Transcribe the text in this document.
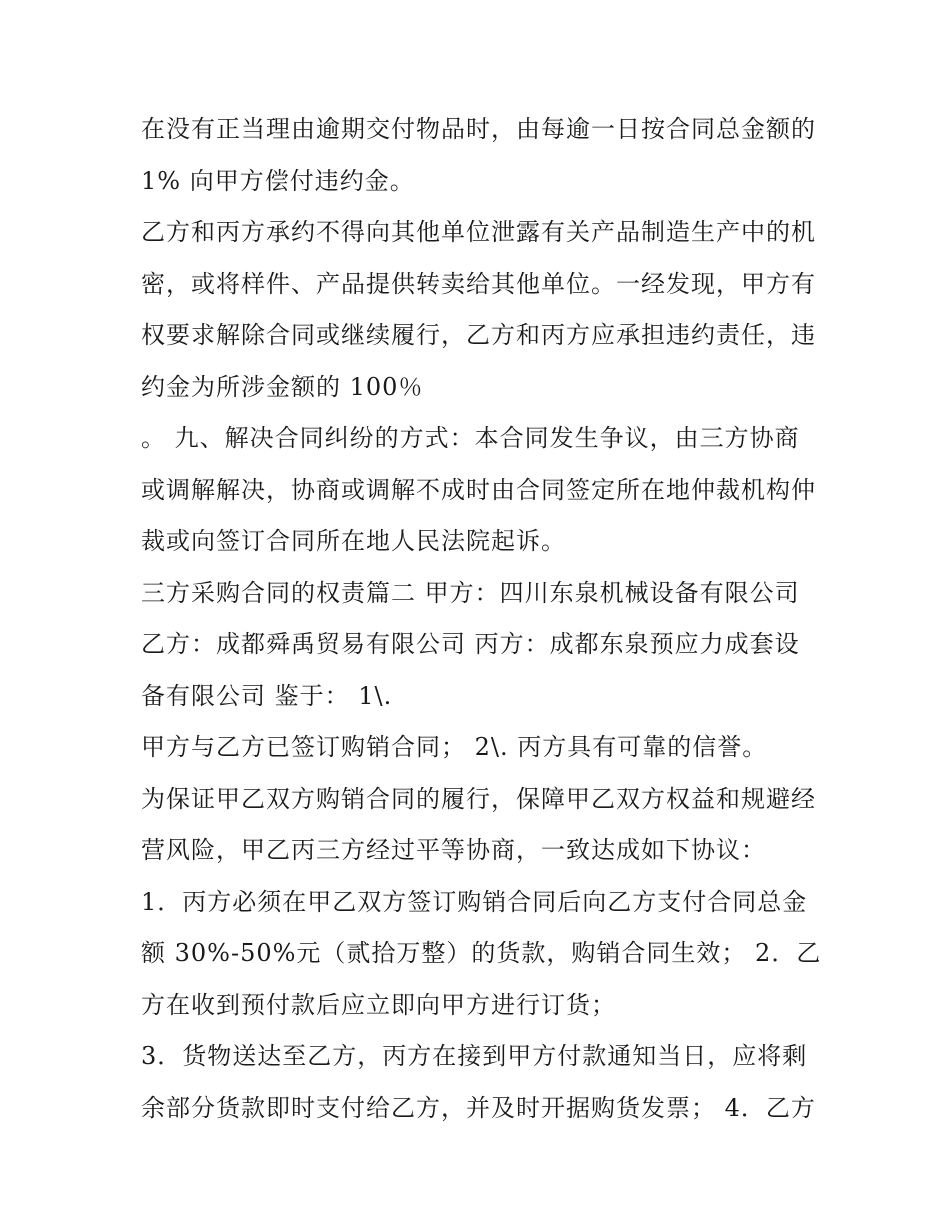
在没有正当理由逾期交付物品时，由每逾一日按合同总金额的
1% 向甲方偿付违约金。
乙方和丙方承约不得向其他单位泄露有关产品制造生产中的机
密，或将样件、产品提供转卖给其他单位。一经发现，甲方有
权要求解除合同或继续履行，乙方和丙方应承担违约责任，违
约金为所涉金额的 100％
。 九、解决合同纠纷的方式：本合同发生争议，由三方协商
或调解解决，协商或调解不成时由合同签定所在地仲裁机构仲
裁或向签订合同所在地人民法院起诉。
三方采购合同的权责篇二 甲方：四川东泉机械设备有限公司
乙方：成都舜禹贸易有限公司 丙方：成都东泉预应力成套设
备有限公司 鉴于： 1\.
甲方与乙方已签订购销合同； 2\. 丙方具有可靠的信誉。
为保证甲乙双方购销合同的履行，保障甲乙双方权益和规避经
营风险，甲乙丙三方经过平等协商，一致达成如下协议：
1．丙方必须在甲乙双方签订购销合同后向乙方支付合同总金
额 30%-50%元（贰拾万整）的货款，购销合同生效； 2．乙
方在收到预付款后应立即向甲方进行订货；
3．货物送达至乙方，丙方在接到甲方付款通知当日，应将剩
余部分货款即时支付给乙方，并及时开据购货发票； 4．乙方
